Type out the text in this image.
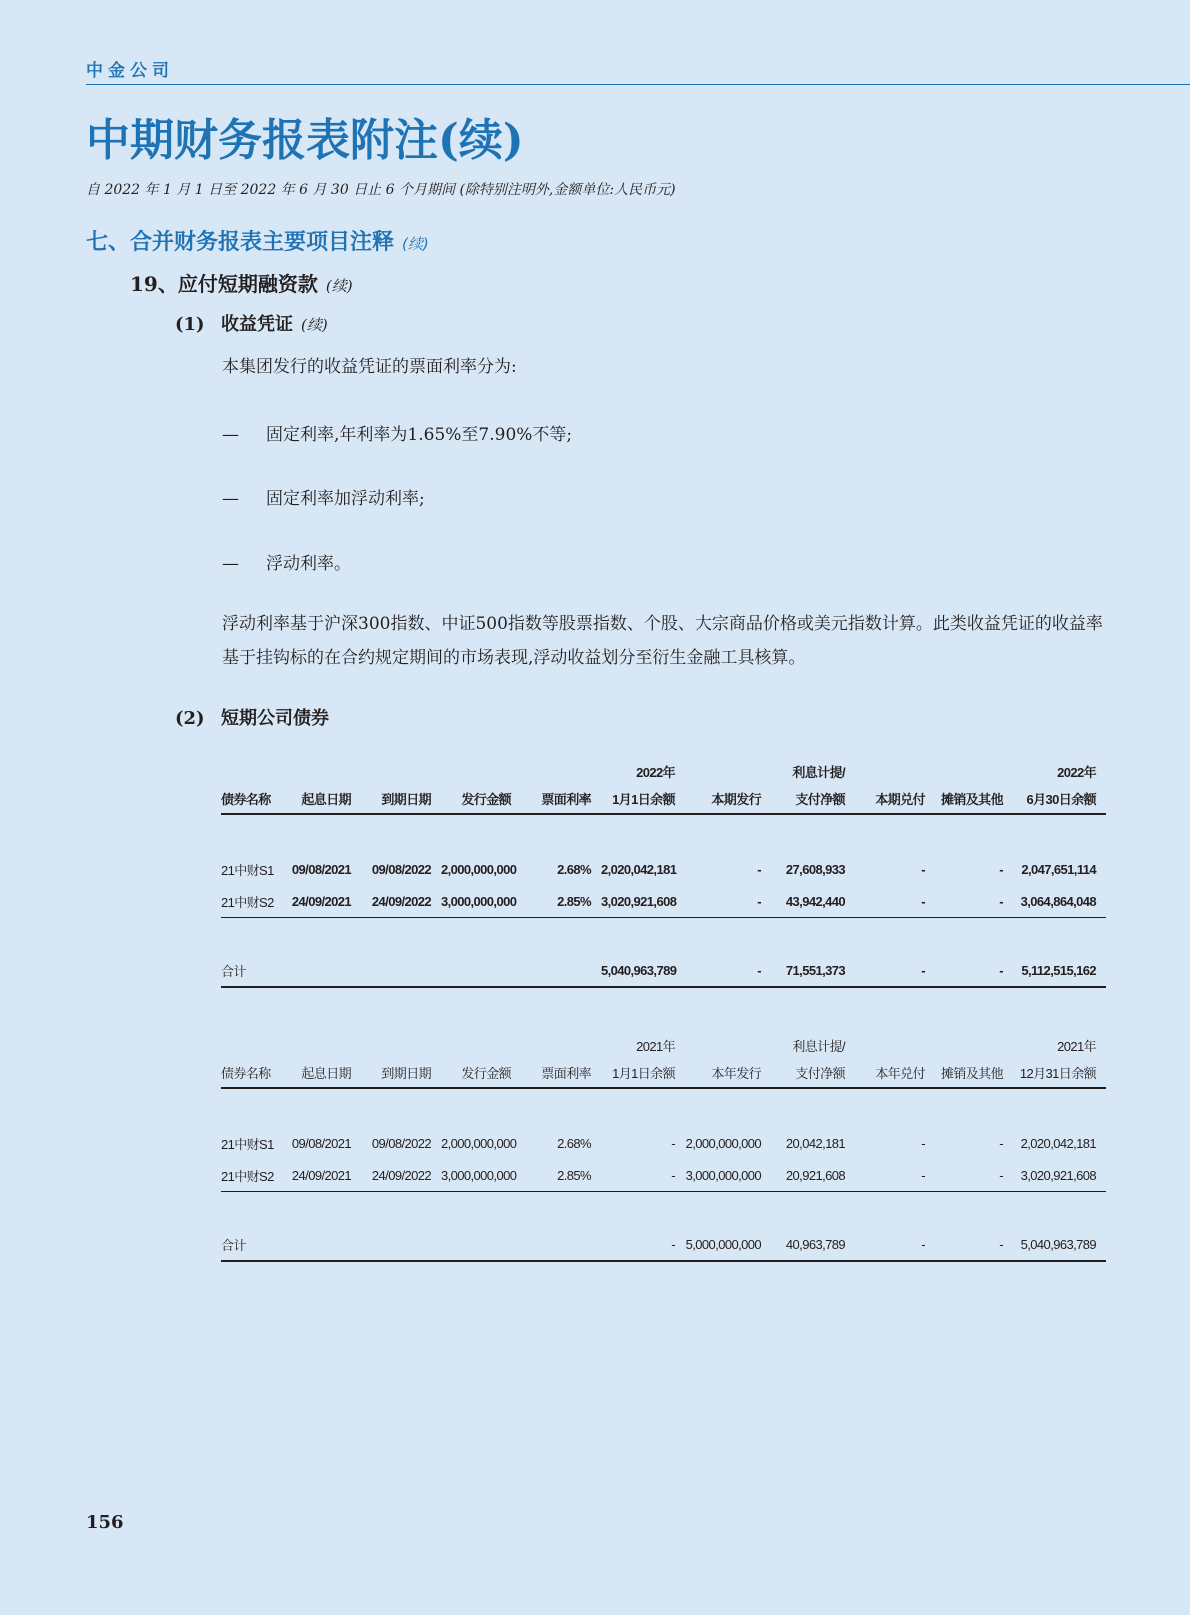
中金公司
中期财务报表附注(续)
自 2022 年 1 月 1 日至 2022 年 6 月 30 日止 6 个月期间 (除特别注明外,金额单位:人民币元)
七、合并财务报表主要项目注释 (续)
19、应付短期融资款 (续)
(1) 收益凭证 (续)
本集团发行的收益凭证的票面利率分为:
— 固定利率,年利率为1.65%至7.90%不等;
— 固定利率加浮动利率;
— 浮动利率。
浮动利率基于沪深300指数、中证500指数等股票指数、个股、大宗商品价格或美元指数计算。此类收益凭证的收益率基于挂钩标的在合约规定期间的市场表现,浮动收益划分至衍生金融工具核算。
(2) 短期公司债券
					2022年		利息计提/			2022年
债券名称	起息日期	到期日期	发行金额	票面利率	1月1日余额	本期发行	支付净额	本期兑付	摊销及其他	6月30日余额

21中财S1	09/08/2021	09/08/2022	2,000,000,000	2.68%	2,020,042,181	-	27,608,933	-	-	2,047,651,114
21中财S2	24/09/2021	24/09/2022	3,000,000,000	2.85%	3,020,921,608	-	43,942,440	-	-	3,064,864,048

合计					5,040,963,789	-	71,551,373	-	-	5,112,515,162
					2021年		利息计提/			2021年
债券名称	起息日期	到期日期	发行金额	票面利率	1月1日余额	本年发行	支付净额	本年兑付	摊销及其他	12月31日余额

21中财S1	09/08/2021	09/08/2022	2,000,000,000	2.68%	-	2,000,000,000	20,042,181	-	-	2,020,042,181
21中财S2	24/09/2021	24/09/2022	3,000,000,000	2.85%	-	3,000,000,000	20,921,608	-	-	3,020,921,608

合计					-	5,000,000,000	40,963,789	-	-	5,040,963,789
156
